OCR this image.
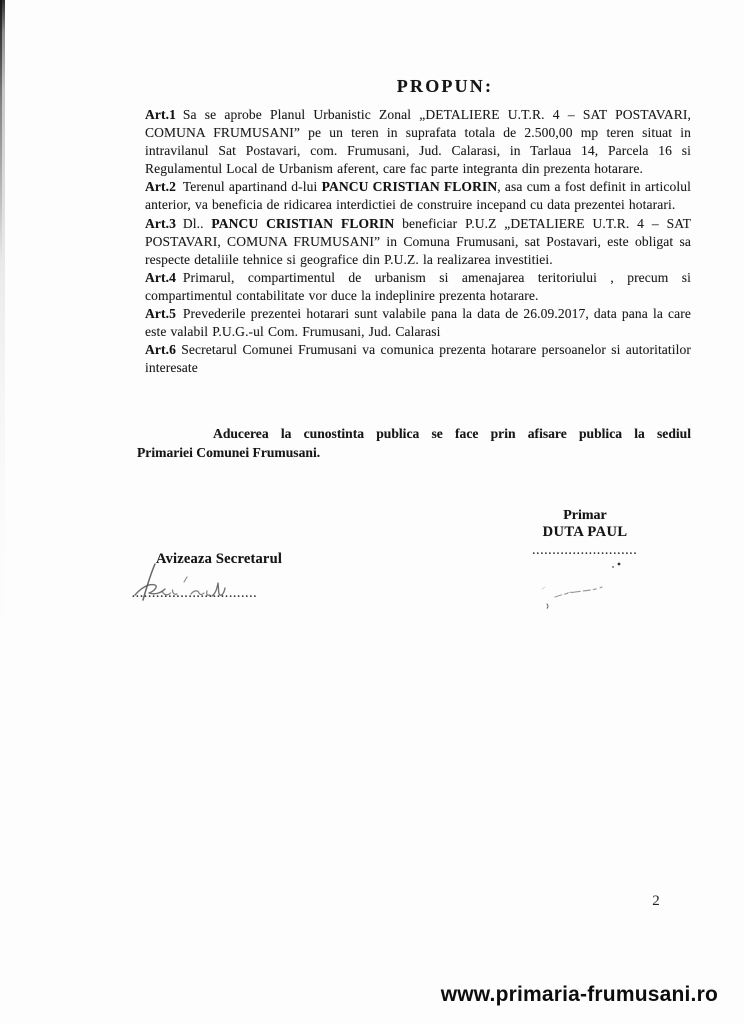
PROPUN:

Art.1 Sa se aprobe Planul Urbanistic Zonal „DETALIERE U.T.R. 4 – SAT POSTAVARI, COMUNA FRUMUSANI” pe un teren in suprafata totala de 2.500,00 mp teren situat in intravilanul Sat Postavari, com. Frumusani, Jud. Calarasi, in Tarlaua 14, Parcela 16 si Regulamentul Local de Urbanism aferent, care fac parte integranta din prezenta hotarare.

Art.2 Terenul apartinand d-lui PANCU CRISTIAN FLORIN, asa cum a fost definit in articolul anterior, va beneficia de ridicarea interdictiei de construire incepand cu data prezentei hotarari.

Art.3 Dl.. PANCU CRISTIAN FLORIN beneficiar P.U.Z „DETALIERE U.T.R. 4 – SAT POSTAVARI, COMUNA FRUMUSANI” in Comuna Frumusani, sat Postavari, este obligat sa respecte detaliile tehnice si geografice din P.U.Z. la realizarea investitiei.

Art.4 Primarul, compartimentul de urbanism si amenajarea teritoriului , precum si compartimentul contabilitate vor duce la indeplinire prezenta hotarare.

Art.5 Prevederile prezentei hotarari sunt valabile pana la data de 26.09.2017, data pana la care este valabil P.U.G.-ul Com. Frumusani, Jud. Calarasi

Art.6 Secretarul Comunei Frumusani va comunica prezenta hotarare persoanelor si autoritatilor interesate

Aducerea la cunostinta publica se face prin afisare publica la sediul
Primariei Comunei Frumusani.
Primar
DUTA PAUL
..........................
Avizeaza Secretarul
...............................
2
www.primaria-frumusani.ro
